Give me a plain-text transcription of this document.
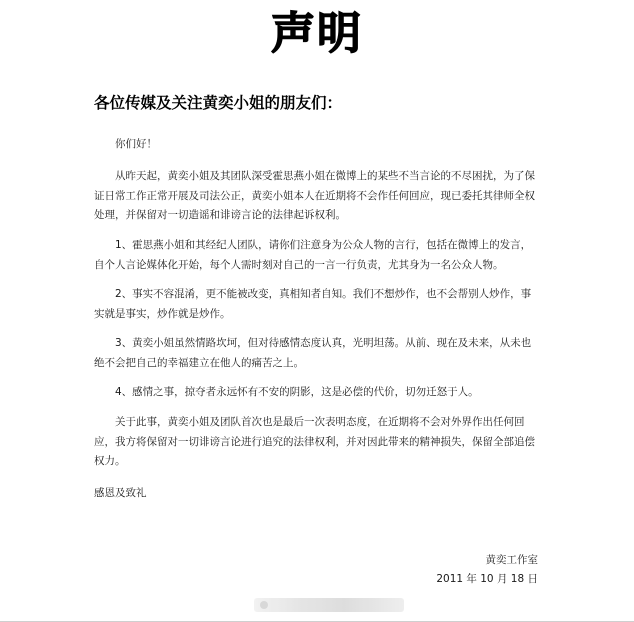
声明
各位传媒及关注黄奕小姐的朋友们：

你们好！

从昨天起，黄奕小姐及其团队深受霍思燕小姐在微博上的某些不当言论的不尽困扰，为了保证日常工作正常开展及司法公正，黄奕小姐本人在近期将不会作任何回应，现已委托其律师全权处理，并保留对一切造谣和诽谤言论的法律起诉权利。

1、霍思燕小姐和其经纪人团队，请你们注意身为公众人物的言行，包括在微博上的发言，自个人言论媒体化开始，每个人需时刻对自己的一言一行负责，尤其身为一名公众人物。

2、事实不容混淆，更不能被改变，真相知者自知。我们不想炒作，也不会帮别人炒作，事实就是事实，炒作就是炒作。

3、黄奕小姐虽然情路坎坷，但对待感情态度认真，光明坦荡。从前、现在及未来，从未也绝不会把自己的幸福建立在他人的痛苦之上。

4、感情之事，掠夺者永远怀有不安的阴影，这是必偿的代价，切勿迁怒于人。

关于此事，黄奕小姐及团队首次也是最后一次表明态度，在近期将不会对外界作出任何回应，我方将保留对一切诽谤言论进行追究的法律权利，并对因此带来的精神损失，保留全部追偿权力。

感恩及致礼
黄奕工作室
2011 年 10 月 18 日
